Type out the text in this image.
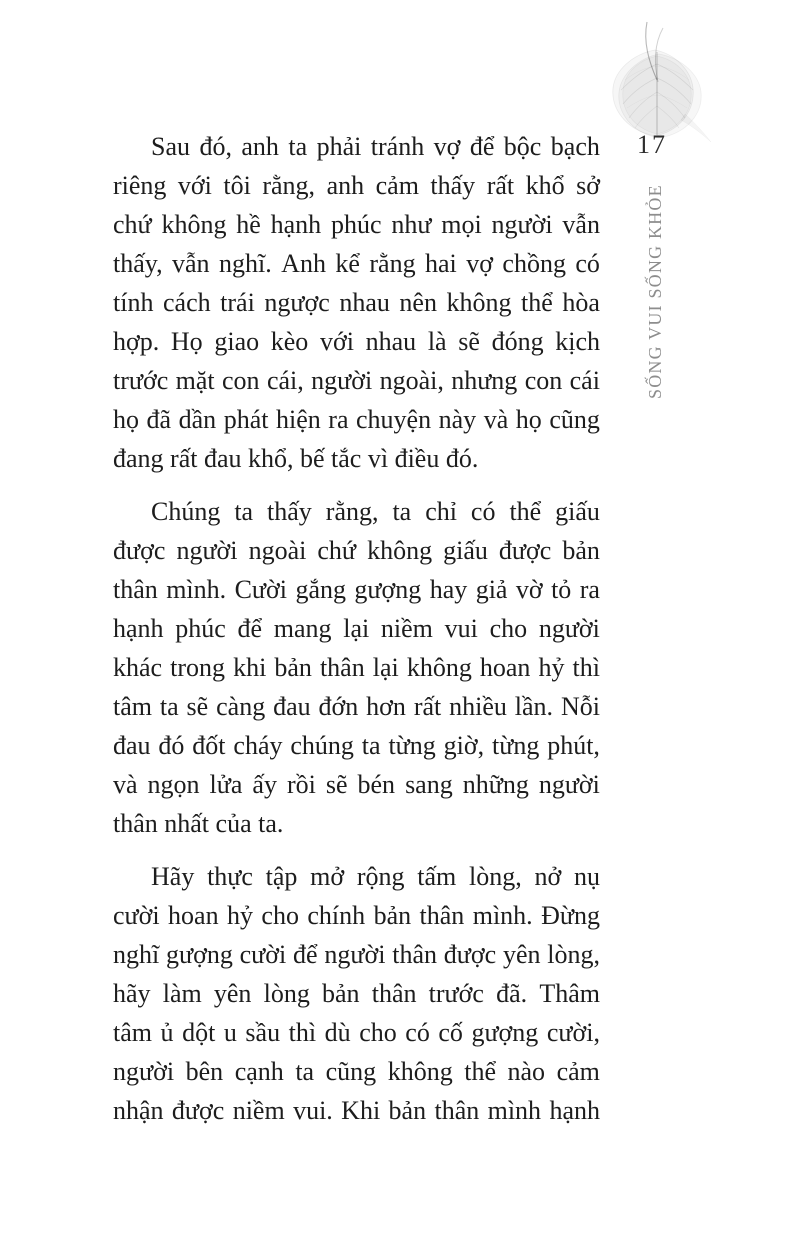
17
SỐNG VUI SỐNG KHỎE

Sau đó, anh ta phải tránh vợ để bộc bạch
riêng với tôi rằng, anh cảm thấy rất khổ sở
chứ không hề hạnh phúc như mọi người vẫn
thấy, vẫn nghĩ. Anh kể rằng hai vợ chồng có
tính cách trái ngược nhau nên không thể hòa
hợp. Họ giao kèo với nhau là sẽ đóng kịch
trước mặt con cái, người ngoài, nhưng con cái
họ đã dần phát hiện ra chuyện này và họ cũng
đang rất đau khổ, bế tắc vì điều đó.

Chúng ta thấy rằng, ta chỉ có thể giấu
được người ngoài chứ không giấu được bản
thân mình. Cười gắng gượng hay giả vờ tỏ ra
hạnh phúc để mang lại niềm vui cho người
khác trong khi bản thân lại không hoan hỷ thì
tâm ta sẽ càng đau đớn hơn rất nhiều lần. Nỗi
đau đó đốt cháy chúng ta từng giờ, từng phút,
và ngọn lửa ấy rồi sẽ bén sang những người
thân nhất của ta.

Hãy thực tập mở rộng tấm lòng, nở nụ
cười hoan hỷ cho chính bản thân mình. Đừng
nghĩ gượng cười để người thân được yên lòng,
hãy làm yên lòng bản thân trước đã. Thâm
tâm ủ dột u sầu thì dù cho có cố gượng cười,
người bên cạnh ta cũng không thể nào cảm
nhận được niềm vui. Khi bản thân mình hạnh
